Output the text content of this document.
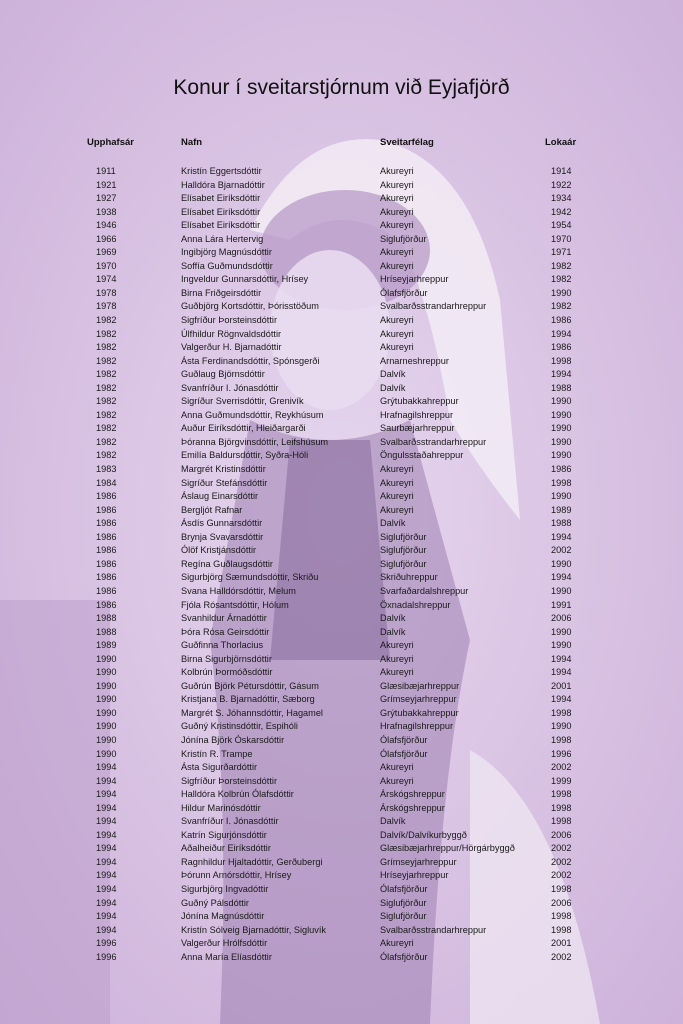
Konur í sveitarstjórnum við Eyjafjörð
Upphafsár	Nafn	Sveitarfélag	Lokaár
1911	Kristín Eggertsdóttir	Akureyri	1914
1921	Halldóra Bjarnadóttir	Akureyri	1922
1927	Elísabet Eiríksdóttir	Akureyri	1934
1938	Elísabet Eiríksdóttir	Akureyri	1942
1946	Elísabet Eiríksdóttir	Akureyri	1954
1966	Anna Lára Hertervig	Siglufjörður	1970
1969	Ingibjörg Magnúsdóttir	Akureyri	1971
1970	Soffía Guðmundsdóttir	Akureyri	1982
1974	Ingveldur Gunnarsdóttir, Hrísey	Hríseyjarhreppur	1982
1978	Birna Friðgeirsdóttir	Ólafsfjörður	1990
1978	Guðbjörg Kortsdóttir, Þórisstöðum	Svalbarðsstrandarhreppur	1982
1982	Sigfríður Þorsteinsdóttir	Akureyri	1986
1982	Úlfhildur Rögnvaldsdóttir	Akureyri	1994
1982	Valgerður H. Bjarnadóttir	Akureyri	1986
1982	Ásta Ferdinandsdóttir, Spónsgerði	Arnarneshreppur	1998
1982	Guðlaug Björnsdóttir	Dalvík	1994
1982	Svanfríður I. Jónasdóttir	Dalvík	1988
1982	Sigríður Sverrisdóttir, Grenivík	Grýtubakkahreppur	1990
1982	Anna Guðmundsdóttir, Reykhúsum	Hrafnagilshreppur	1990
1982	Auður Eiríksdóttir, Hleiðargarði	Saurbæjarhreppur	1990
1982	Þóranna Björgvinsdóttir, Leifshúsum	Svalbarðsstrandarhreppur	1990
1982	Emilía Baldursdóttir, Syðra-Hóli	Öngulsstaðahreppur	1990
1983	Margrét Kristinsdóttir	Akureyri	1986
1984	Sigríður Stefánsdóttir	Akureyri	1998
1986	Áslaug Einarsdóttir	Akureyri	1990
1986	Bergljót Rafnar	Akureyri	1989
1986	Ásdís Gunnarsdóttir	Dalvík	1988
1986	Brynja Svavarsdóttir	Siglufjörður	1994
1986	Ólöf Kristjánsdóttir	Siglufjörður	2002
1986	Regína Guðlaugsdóttir	Siglufjörður	1990
1986	Sigurbjörg Sæmundsdóttir, Skriðu	Skriðuhreppur	1994
1986	Svana Halldórsdóttir, Melum	Svarfaðardalshreppur	1990
1986	Fjóla Rósantsdóttir, Hólum	Öxnadalshreppur	1991
1988	Svanhildur Árnadóttir	Dalvík	2006
1988	Þóra Rósa Geirsdóttir	Dalvík	1990
1989	Guðfinna Thorlacius	Akureyri	1990
1990	Birna Sigurbjörnsdóttir	Akureyri	1994
1990	Kolbrún Þormóðsdóttir	Akureyri	1994
1990	Guðrún Björk Pétursdóttir, Gásum	Glæsibæjarhreppur	2001
1990	Kristjana B. Bjarnadóttir, Sæborg	Grímseyjarhreppur	1994
1990	Margrét S. Jóhannsdóttir, Hagamel	Grýtubakkahreppur	1998
1990	Guðný Kristinsdóttir, Espihóli	Hrafnagilshreppur	1990
1990	Jónína Björk Óskarsdóttir	Ólafsfjörður	1998
1990	Kristín R. Trampe	Ólafsfjörður	1996
1994	Ásta Sigurðardóttir	Akureyri	2002
1994	Sigfríður Þorsteinsdóttir	Akureyri	1999
1994	Halldóra Kolbrún Ólafsdóttir	Árskógshreppur	1998
1994	Hildur Marinósdóttir	Árskógshreppur	1998
1994	Svanfríður I. Jónasdóttir	Dalvík	1998
1994	Katrín Sigurjónsdóttir	Dalvík/Dalvíkurbyggð	2006
1994	Aðalheiður Eiríksdóttir	Glæsibæjarhreppur/Hörgárbyggð	2002
1994	Ragnhildur Hjaltadóttir, Gerðubergi	Grímseyjarhreppur	2002
1994	Þórunn Arnórsdóttir, Hrísey	Hríseyjarhreppur	2002
1994	Sigurbjörg Ingvadóttir	Ólafsfjörður	1998
1994	Guðný Pálsdóttir	Siglufjörður	2006
1994	Jónína Magnúsdóttir	Siglufjörður	1998
1994	Kristín Sólveig Bjarnadóttir, Sigluvík	Svalbarðsstrandarhreppur	1998
1996	Valgerður Hrólfsdóttir	Akureyri	2001
1996	Anna María Elíasdóttir	Ólafsfjörður	2002
